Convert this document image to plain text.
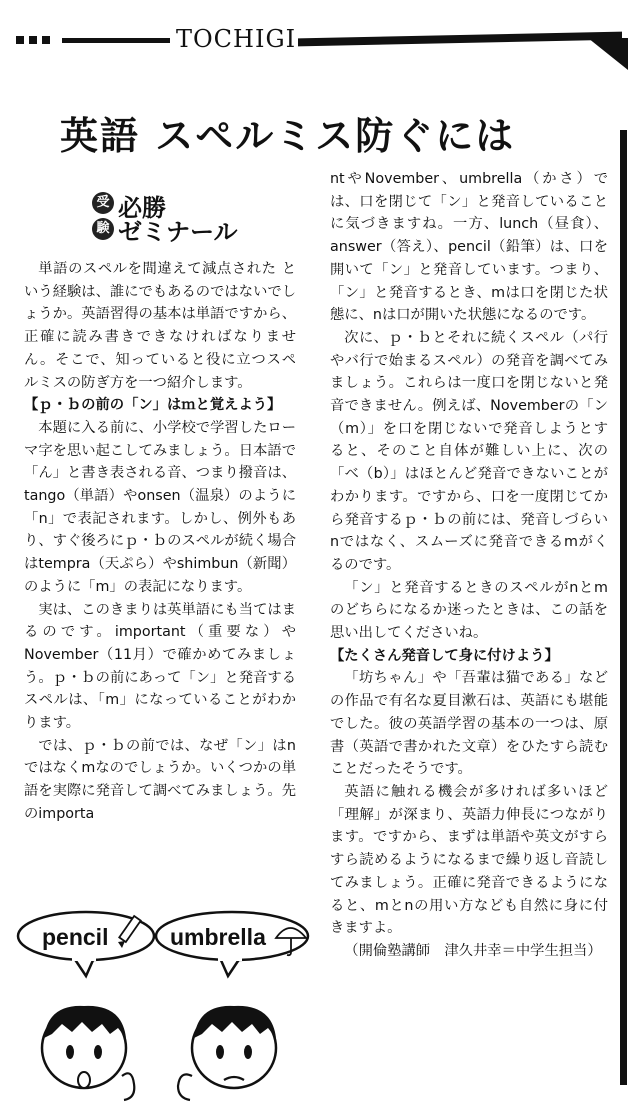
TOCHIGI
英語 スペルミス防ぐには
受
験
必勝
ゼミナール

単語のスペルを間違えて減点された という経験は、誰にでもあるのではないでしょうか。英語習得の基本は単語ですから、正確に読み書きできなければなりません。そこで、知っていると役に立つスペルミスの防ぎ方を一つ紹介します。

【ｐ・ｂの前の「ン」はｍと覚えよう】

本題に入る前に、小学校で学習したローマ字を思い起こしてみましょう。日本語で「ん」と書き表される音、つまり撥音は、tango（単語）やonsen（温泉）のように「n」で表記されます。しかし、例外もあり、すぐ後ろにｐ・ｂのスペルが続く場合はtempra（天ぷら）やshimbun（新聞）のように「m」の表記になります。

実は、このきまりは英単語にも当てはまるのです。important（重要な）やNovember（11月）で確かめてみましょう。ｐ・ｂの前にあって「ン」と発音するスペルは、「m」になっていることがわかります。

では、ｐ・ｂの前では、なぜ「ン」はnではなくmなのでしょうか。いくつかの単語を実際に発音して調べてみましょう。先のimporta

ntやNovember、umbrella（かさ）では、口を閉じて「ン」と発音していることに気づきますね。一方、lunch（昼食）、answer（答え）、pencil（鉛筆）は、口を開いて「ン」と発音しています。つまり、「ン」と発音するとき、mは口を閉じた状態に、nは口が開いた状態になるのです。

次に、ｐ・ｂとそれに続くスペル（パ行やバ行で始まるスペル）の発音を調べてみましょう。これらは一度口を閉じないと発音できません。例えば、Novemberの「ン（m）」を口を閉じないで発音しようとすると、そのこと自体が難しい上に、次の「ベ（b）」はほとんど発音できないことがわかります。ですから、口を一度閉じてから発音するｐ・ｂの前には、発音しづらいnではなく、スムーズに発音できるmがくるのです。

「ン」と発音するときのスペルがnとmのどちらになるか迷ったときは、この話を思い出してくださいね。

【たくさん発音して身に付けよう】

「坊ちゃん」や「吾輩は猫である」などの作品で有名な夏目漱石は、英語にも堪能でした。彼の英語学習の基本の一つは、原書（英語で書かれた文章）をひたすら読むことだったそうです。

英語に触れる機会が多ければ多いほど「理解」が深まり、英語力伸長につながります。ですから、まずは単語や英文がすらすら読めるようになるまで繰り返し音読してみましょう。正確に発音できるようになると、mとnの用い方なども自然に身に付きますよ。

（開倫塾講師　津久井幸＝中学生担当）

pencil	umbrella
